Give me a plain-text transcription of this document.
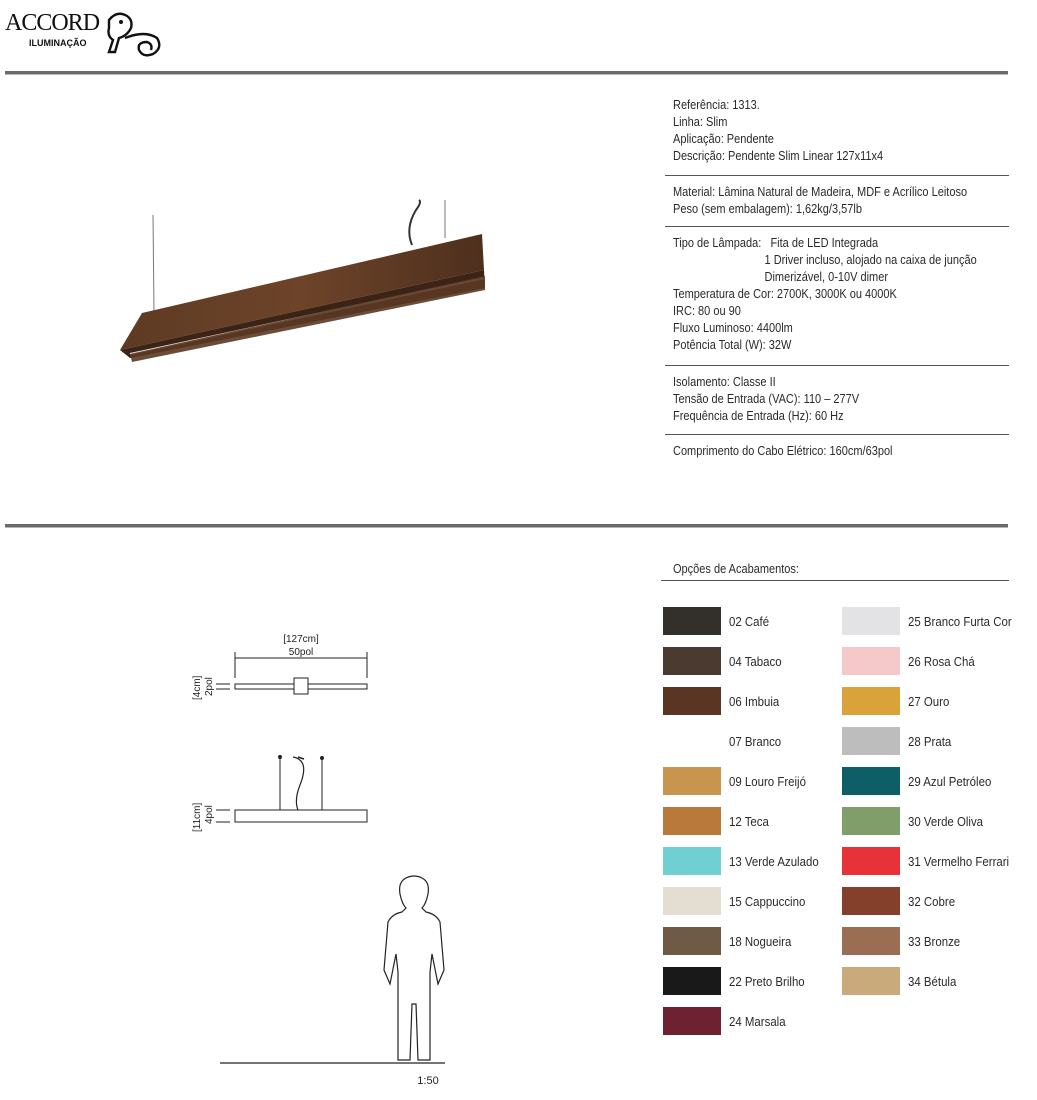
ACCORD
ILUMINAÇÃO
Referência: 1313.
Linha: Slim
Aplicação: Pendente
Descrição: Pendente Slim Linear 127x11x4
Material: Lâmina Natural de Madeira, MDF e Acrílico Leitoso
Peso (sem embalagem): 1,62kg/3,57lb
Tipo de Lâmpada: Fita de LED Integrada
1 Driver incluso, alojado na caixa de junção
Dimerizável, 0-10V dimer
Temperatura de Cor: 2700K, 3000K ou 4000K
IRC: 80 ou 90
Fluxo Luminoso: 4400lm
Potência Total (W): 32W
Isolamento: Classe II
Tensão de Entrada (VAC): 110 – 277V
Frequência de Entrada (Hz): 60 Hz
Comprimento do Cabo Elétrico: 160cm/63pol
[127cm]
50pol
[4cm] 2pol
[11cm] 4pol
1:50
Opções de Acabamentos:
02 Café
04 Tabaco
06 Imbuia
07 Branco
09 Louro Freijó
12 Teca
13 Verde Azulado
15 Cappuccino
18 Nogueira
22 Preto Brilho
24 Marsala
25 Branco Furta Cor
26 Rosa Chá
27 Ouro
28 Prata
29 Azul Petróleo
30 Verde Oliva
31 Vermelho Ferrari
32 Cobre
33 Bronze
34 Bétula
